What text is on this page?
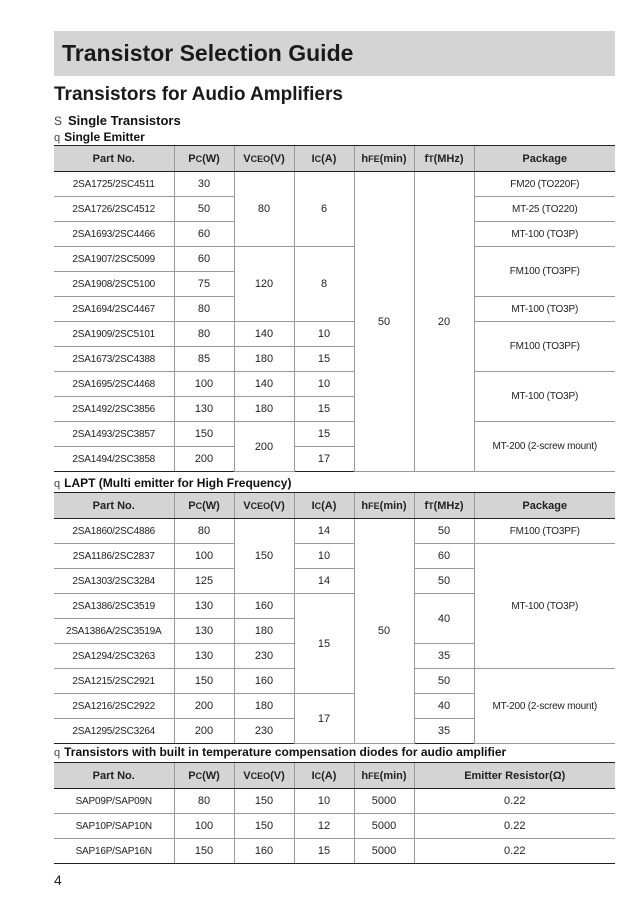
Transistor Selection Guide
Transistors for Audio Amplifiers
S Single Transistors
q Single Emitter
Part No.	PC(W)	VCEO(V)	IC(A)	hFE(min)	fT(MHz)	Package
2SA1725/2SC4511	30	80	6	50	20	FM20 (TO220F)
2SA1726/2SC4512	50					MT-25 (TO220)
2SA1693/2SC4466	60					MT-100 (TO3P)
2SA1907/2SC5099	60	120	8			FM100 (TO3PF)
2SA1908/2SC5100	75					
2SA1694/2SC4467	80					MT-100 (TO3P)
2SA1909/2SC5101	80	140	10			FM100 (TO3PF)
2SA1673/2SC4388	85	180	15			
2SA1695/2SC4468	100	140	10			MT-100 (TO3P)
2SA1492/2SC3856	130	180	15			
2SA1493/2SC3857	150	200	15			MT-200 (2-screw mount)
2SA1494/2SC3858	200		17			
q LAPT (Multi emitter for High Frequency)
Part No.	PC(W)	VCEO(V)	IC(A)	hFE(min)	fT(MHz)	Package
2SA1860/2SC4886	80	150	14	50	50	FM100 (TO3PF)
2SA1186/2SC2837	100		10		60	MT-100 (TO3P)
2SA1303/2SC3284	125		14		50	
2SA1386/2SC3519	130	160	15		40	
2SA1386A/2SC3519A	130	180				
2SA1294/2SC3263	130	230			35	
2SA1215/2SC2921	150	160			50	MT-200 (2-screw mount)
2SA1216/2SC2922	200	180	17		40	
2SA1295/2SC3264	200	230			35	
q Transistors with built in temperature compensation diodes for audio amplifier
Part No.	PC(W)	VCEO(V)	IC(A)	hFE(min)	Emitter Resistor(Ω)
SAP09P/SAP09N	80	150	10	5000	0.22
SAP10P/SAP10N	100	150	12	5000	0.22
SAP16P/SAP16N	150	160	15	5000	0.22
4
